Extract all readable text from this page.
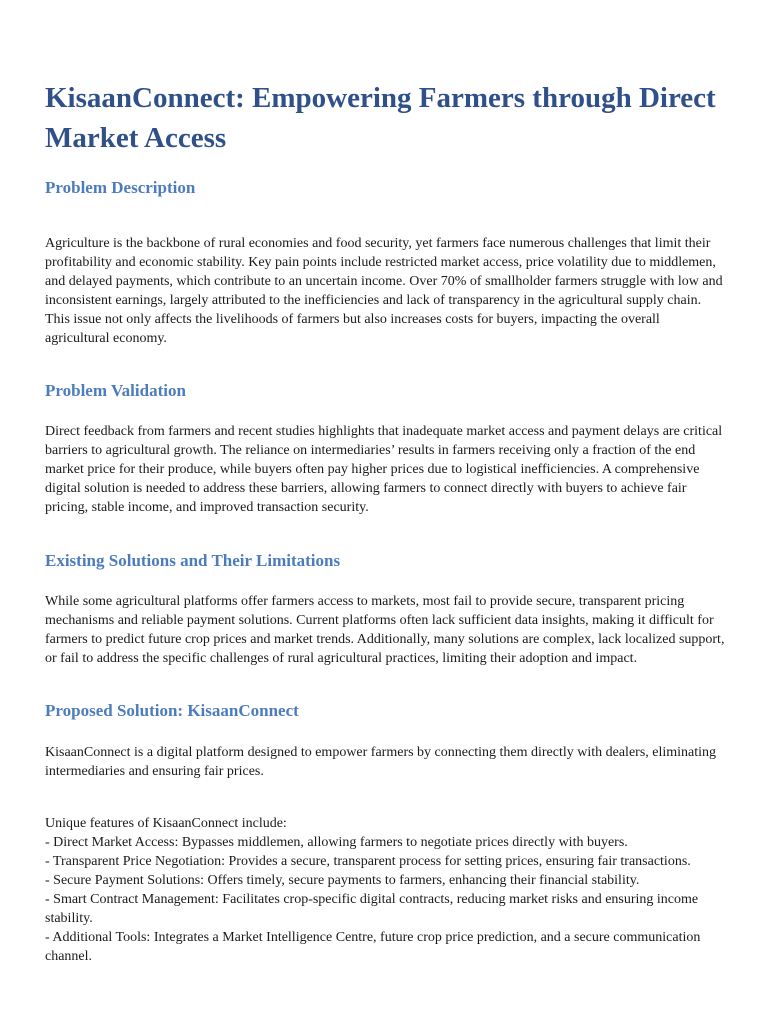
KisaanConnect: Empowering Farmers through Direct Market Access
Problem Description

Agriculture is the backbone of rural economies and food security, yet farmers face numerous challenges that limit their profitability and economic stability. Key pain points include restricted market access, price volatility due to middlemen, and delayed payments, which contribute to an uncertain income. Over 70% of smallholder farmers struggle with low and inconsistent earnings, largely attributed to the inefficiencies and lack of transparency in the agricultural supply chain. This issue not only affects the livelihoods of farmers but also increases costs for buyers, impacting the overall agricultural economy.

Problem Validation

Direct feedback from farmers and recent studies highlights that inadequate market access and payment delays are critical barriers to agricultural growth. The reliance on intermediaries’ results in farmers receiving only a fraction of the end market price for their produce, while buyers often pay higher prices due to logistical inefficiencies. A comprehensive digital solution is needed to address these barriers, allowing farmers to connect directly with buyers to achieve fair pricing, stable income, and improved transaction security.

Existing Solutions and Their Limitations

While some agricultural platforms offer farmers access to markets, most fail to provide secure, transparent pricing mechanisms and reliable payment solutions. Current platforms often lack sufficient data insights, making it difficult for farmers to predict future crop prices and market trends. Additionally, many solutions are complex, lack localized support, or fail to address the specific challenges of rural agricultural practices, limiting their adoption and impact.

Proposed Solution: KisaanConnect

KisaanConnect is a digital platform designed to empower farmers by connecting them directly with dealers, eliminating intermediaries and ensuring fair prices.

Unique features of KisaanConnect include:
- Direct Market Access: Bypasses middlemen, allowing farmers to negotiate prices directly with buyers.
- Transparent Price Negotiation: Provides a secure, transparent process for setting prices, ensuring fair transactions.
- Secure Payment Solutions: Offers timely, secure payments to farmers, enhancing their financial stability.
- Smart Contract Management: Facilitates crop-specific digital contracts, reducing market risks and ensuring income stability.
- Additional Tools: Integrates a Market Intelligence Centre, future crop price prediction, and a secure communication channel.
